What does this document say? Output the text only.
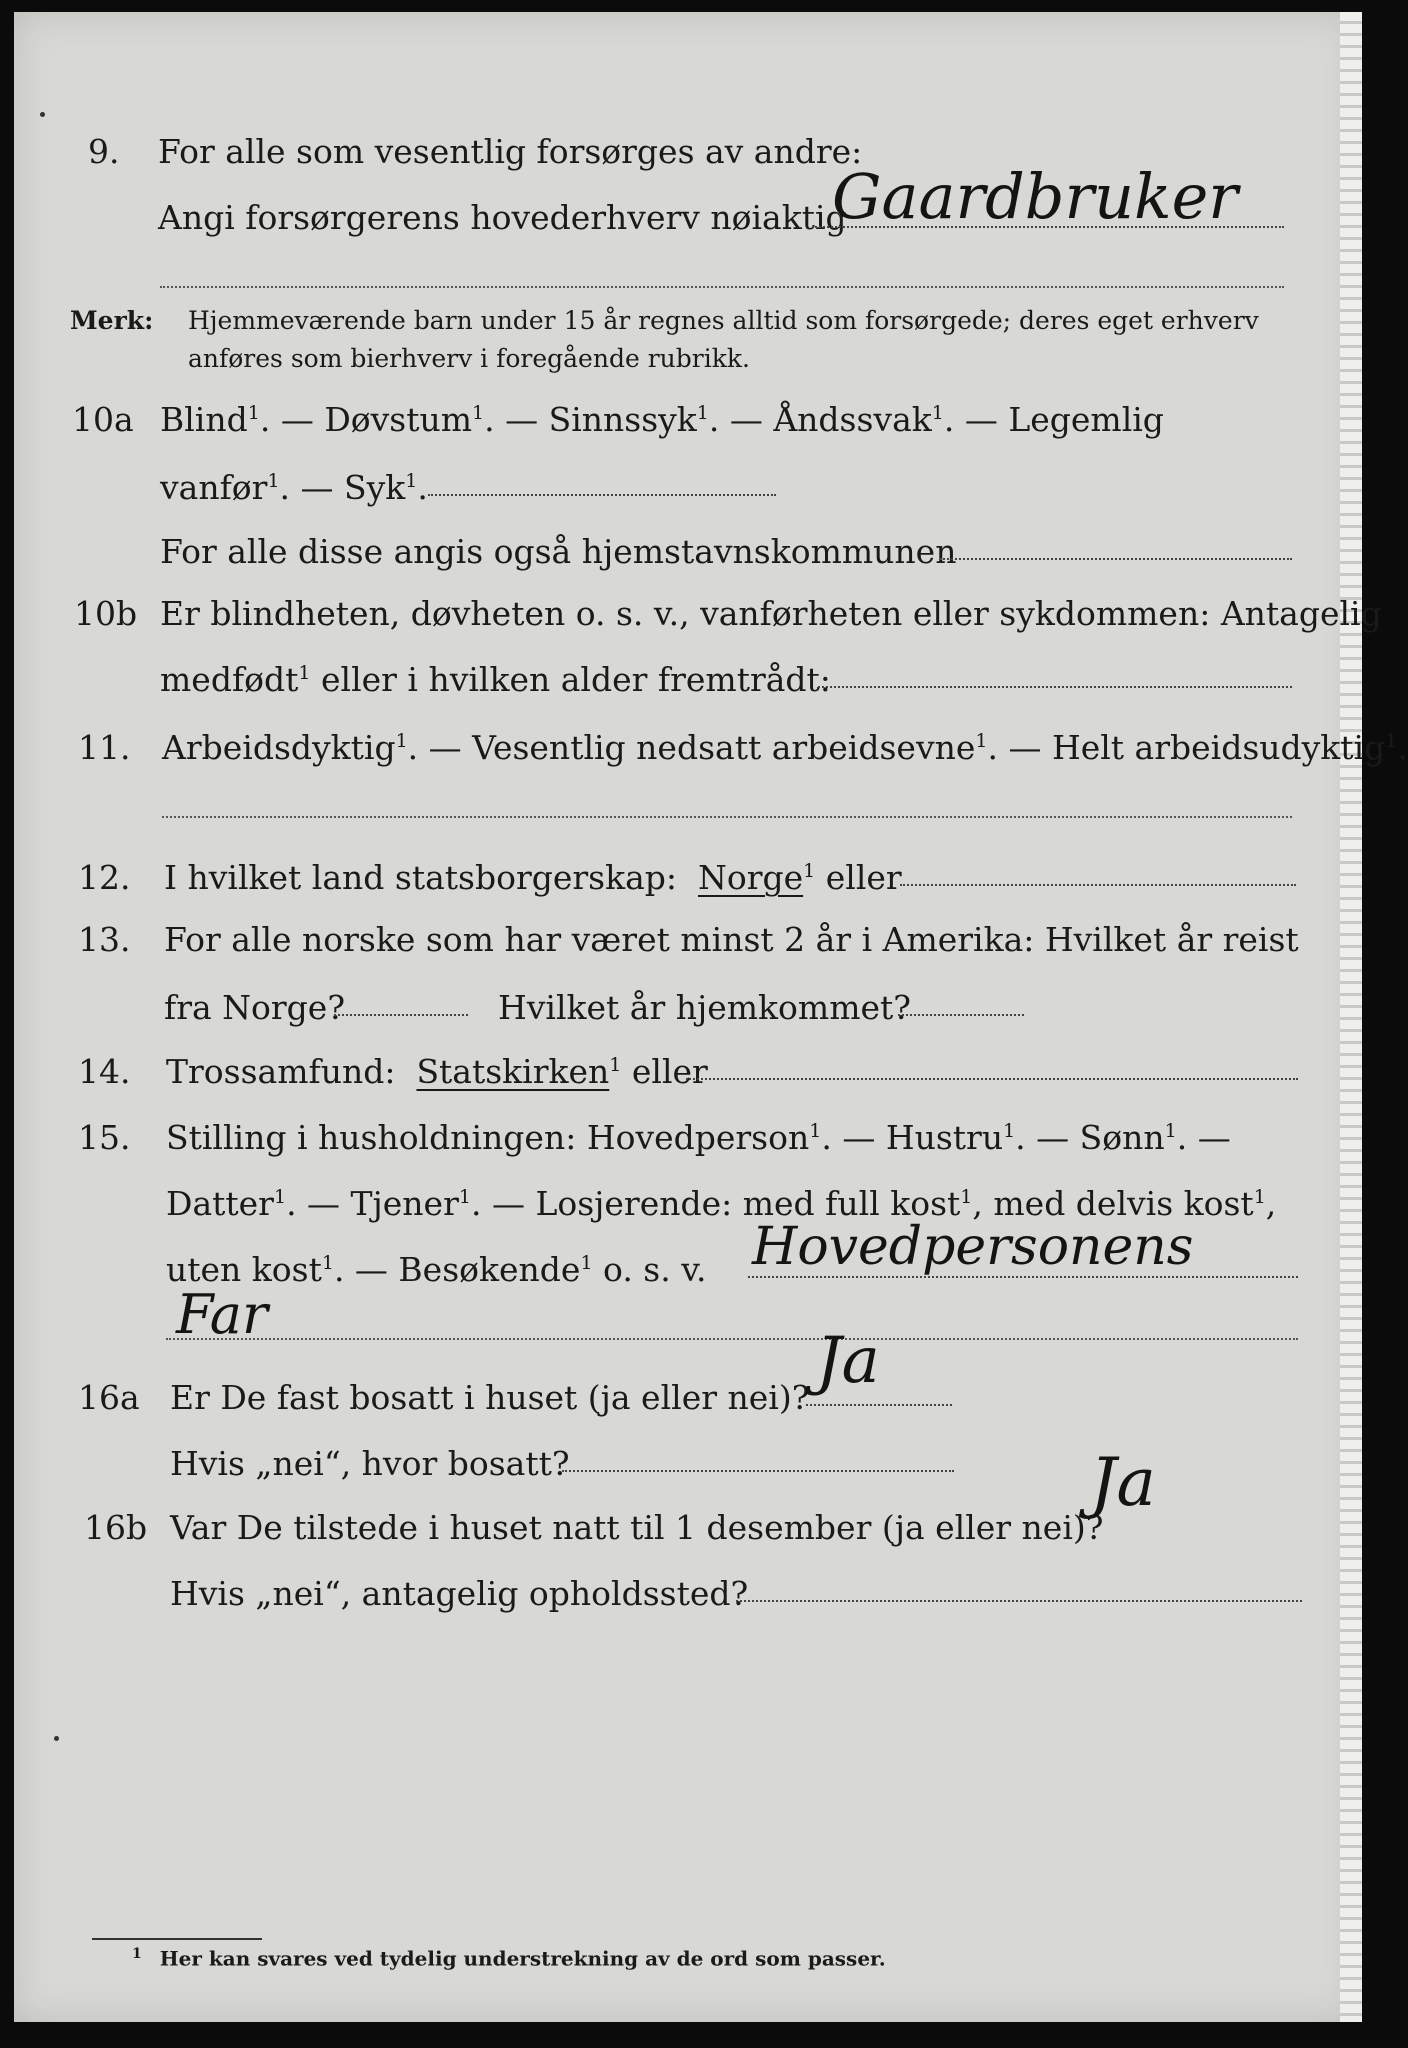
9. For alle som vesentlig forsørges av andre:
Angi forsørgerens hovederhverv nøiaktig
Gaardbruker
Merk: Hjemmeværende barn under 15 år regnes alltid som forsørgede; deres eget erhverv
anføres som bierhverv i foregående rubrikk.
10a Blind$^1$. — Døvstum$^1$. — Sinnssyk$^1$. — Åndssvak$^1$. — Legemlig
vanfør$^1$. — Syk$^1$.
For alle disse angis også hjemstavnskommunen
10b Er blindheten, døvheten o. s. v., vanførheten eller sykdommen: Antagelig
medfødt$^1$ eller i hvilken alder fremtrådt:
11. Arbeidsdyktig$^1$. — Vesentlig nedsatt arbeidsevne$^1$. — Helt arbeidsudyktig$^1$.
12. I hvilket land statsborgerskap: Norge$^1$ eller
13. For alle norske som har været minst 2 år i Amerika: Hvilket år reist
fra Norge?	Hvilket år hjemkommet?
14. Trossamfund: Statskirken$^1$ eller
15. Stilling i husholdningen: Hovedperson$^1$. — Hustru$^1$. — Sønn$^1$. —
Datter$^1$. — Tjener$^1$. — Losjerende: med full kost$^1$, med delvis kost$^1$,
uten kost$^1$. — Besøkende$^1$ o. s. v. Hovedpersonens
Far
16a Er De fast bosatt i huset (ja eller nei)? Ja
Hvis „nei“, hvor bosatt?
16b Var De tilstede i huset natt til 1 desember (ja eller nei)?
Ja
Hvis „nei“, antagelig opholdssted?
$^1$ Her kan svares ved tydelig understrekning av de ord som passer.
